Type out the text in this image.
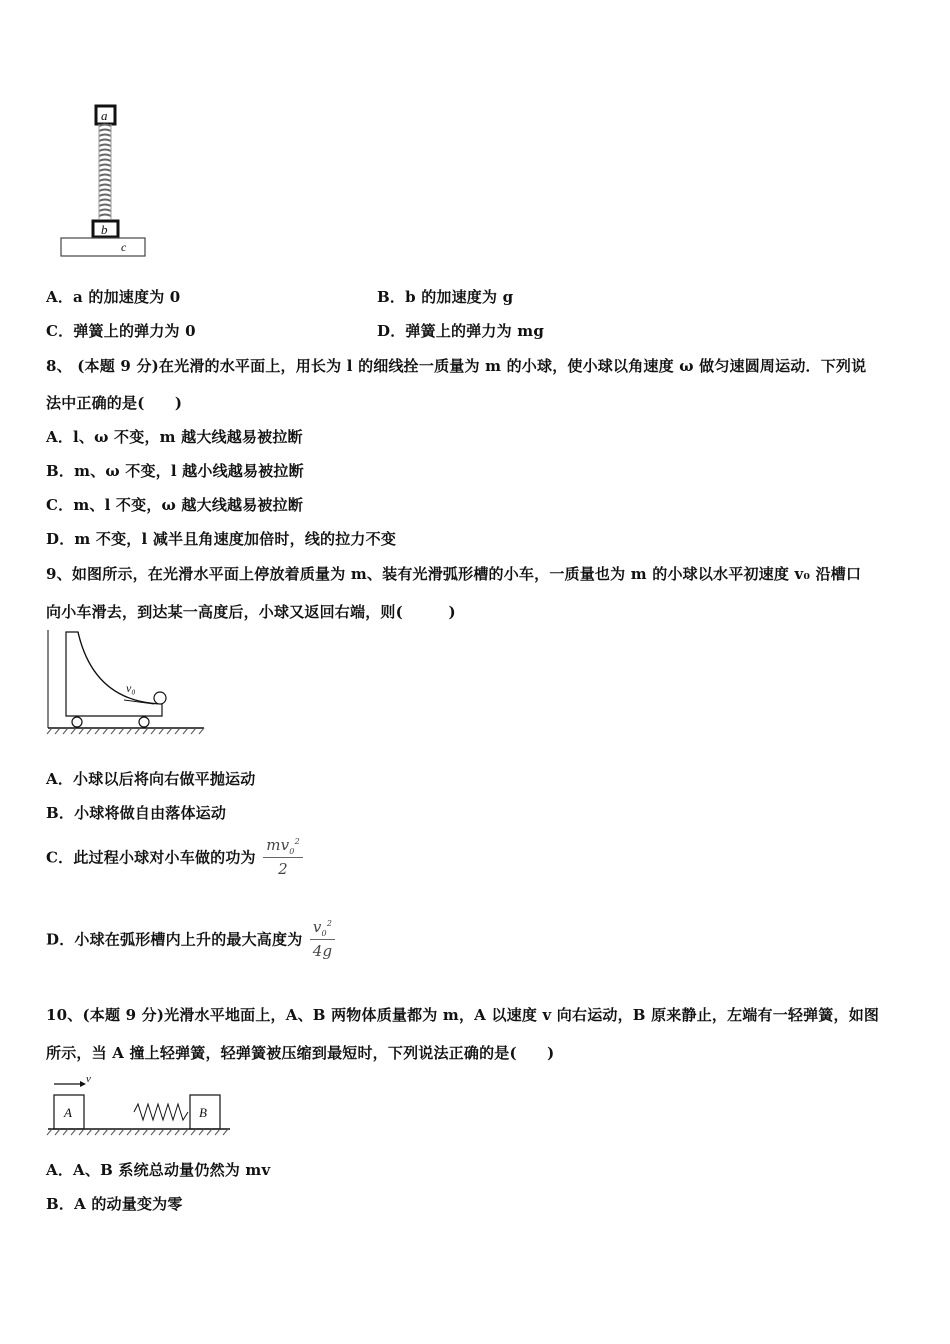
a
b
c
A．a 的加速度为 0	B．b 的加速度为 g
C．弹簧上的弹力为 0	D．弹簧上的弹力为 mg
8、 (本题 9 分)在光滑的水平面上，用长为 l 的细线拴一质量为 m 的小球，使小球以角速度 ω 做匀速圆周运动．下列说
法中正确的是(　　)
A．l、ω 不变，m 越大线越易被拉断
B．m、ω 不变，l 越小线越易被拉断
C．m、l 不变，ω 越大线越易被拉断
D．m 不变，l 减半且角速度加倍时，线的拉力不变
9、如图所示，在光滑水平面上停放着质量为 m、装有光滑弧形槽的小车，一质量也为 m 的小球以水平初速度 v₀ 沿槽口
向小车滑去，到达某一高度后，小球又返回右端，则(　　　)
v₀
A．小球以后将向右做平抛运动
B．小球将做自由落体运动
C．此过程小球对小车做的功为 $\frac{mv_0^2}{2}$
D．小球在弧形槽内上升的最大高度为 $\frac{v_0^2}{4g}$
10、(本题 9 分)光滑水平地面上，A、B 两物体质量都为 m，A 以速度 v 向右运动，B 原来静止，左端有一轻弹簧，如图
所示，当 A 撞上轻弹簧，轻弹簧被压缩到最短时，下列说法正确的是(　　)
v
A	B
A．A、B 系统总动量仍然为 mv
B．A 的动量变为零
